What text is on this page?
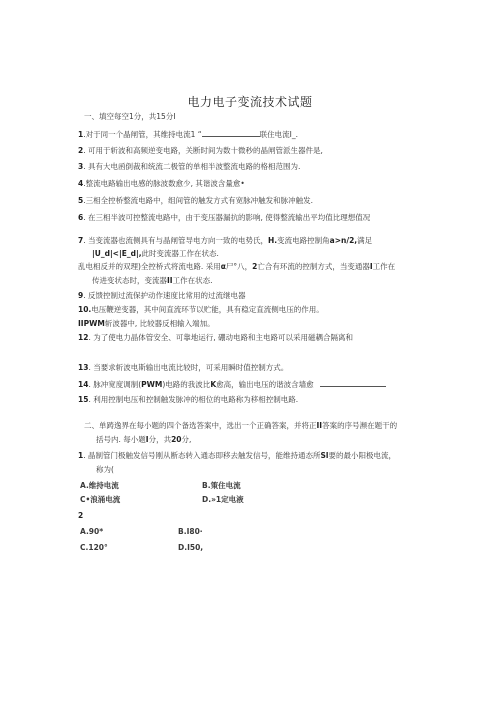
电力电子变流技术试题
一、填空每空1分，共15分I
1.对于同一个晶闸管，其维持电流1 “	联住电流I_.
2. 可用于斩波和高频逆变电路，关断时间为数十微秒的晶闸管派生器件是,
3. 具有大电函倒裁和统流二极管的单相半波整流电路的格相范围为.
4.整流电路输出电感的脉波数愈少, 其谐波含量愈•
5.三相全控桥整流电路中，组间管的触发方式有宽脉冲触发和脉冲触发.
6. 在三相半波可控整流电路中，由于变压器漏抗的影响, 使得整流输出平均值比理想值况
7. 当变流器也流侧具有与晶闸管导电方向一致的电势氏，H.变流电路控制角a>n/2,满足
|U_d|<|E_d|,此时变流器工作在状态.
乱电相反并的双理)全控桥式将流电路. 采用α尸°八，2亡合有环流的控制方式，当变通器I工作在
传进变状态时，变流器II工作在状态.
9. 反馈控制过流保护动作速度比常用的过流继电器
10.电压鞭逆变器，其中间直流环节以贮能，具有稳定直流侧电压的作用。
IIPWM斩波器中, 比较器反相输入端加。
12. 为了使电力晶体管安全、可靠地运行, 硼动电路和主电路可以采用磁耦合隔离和
13. 当要求斩波电斯输出电流比较时，可采用瞬时值控制方式。
14. 脉冲宽度调制(PWM)电路的我波比K愈高，输出电压的谐波含墙愈
15. 利用控制电压和控制触发脉冲的相位的电路称为移相控制电路.
二、单踌逸界在每小题的四个备选答案中，选出一个正确答案，并将正II答案的序号濒在题干的
括号内. 每小题I分，共20分,
1. 晶制管门极触发信号刚从断态转入通态即移去触发信号，能维持通态所Sl要的最小阳极电流，
称为(
A.维持电流	B.策住电流
C•浪涌电流	D.»1定电液
2
A.90*	B.I80·
C.120°	D.I50,
